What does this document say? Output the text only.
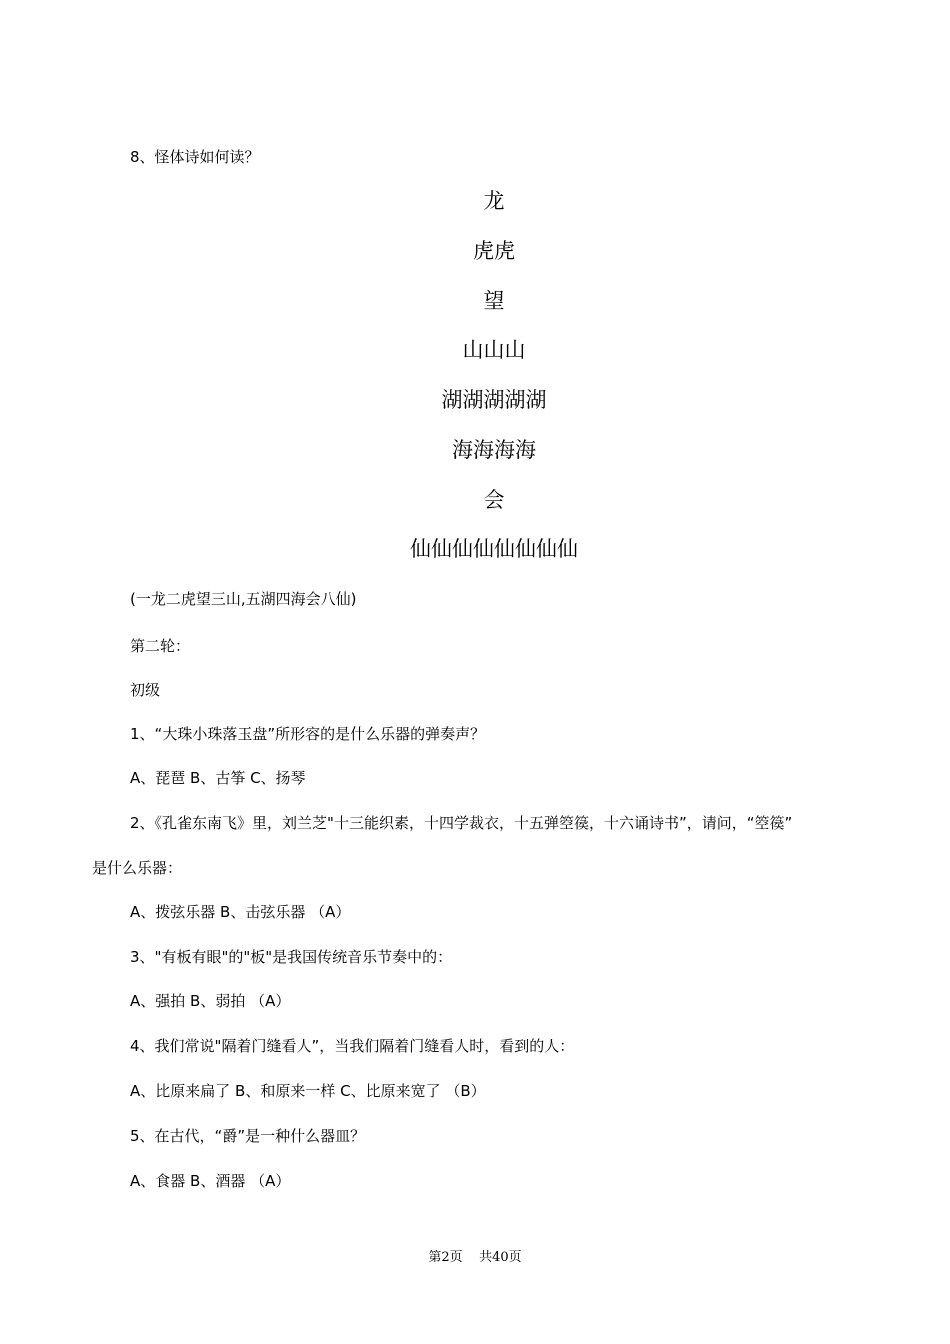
8、怪体诗如何读？
龙
虎虎
望
山山山
湖湖湖湖湖
海海海海
会
仙仙仙仙仙仙仙仙
(一龙二虎望三山,五湖四海会八仙)
第二轮：
初级
1、“大珠小珠落玉盘”所形容的是什么乐器的弹奏声？
A、琵琶 B、古筝 C、扬琴
2、《孔雀东南飞》里，刘兰芝"十三能织素，十四学裁衣，十五弹箜篌，十六诵诗书”，请问，“箜篌”
是什么乐器：
A、拨弦乐器 B、击弦乐器 （A）
3、"有板有眼"的"板"是我国传统音乐节奏中的：
A、强拍 B、弱拍 （A）
4、我们常说"隔着门缝看人”，当我们隔着门缝看人时，看到的人：
A、比原来扁了 B、和原来一样 C、比原来宽了 （B）
5、在古代，“爵”是一种什么器皿？
A、食器 B、酒器 （A）
第2页 共40页
